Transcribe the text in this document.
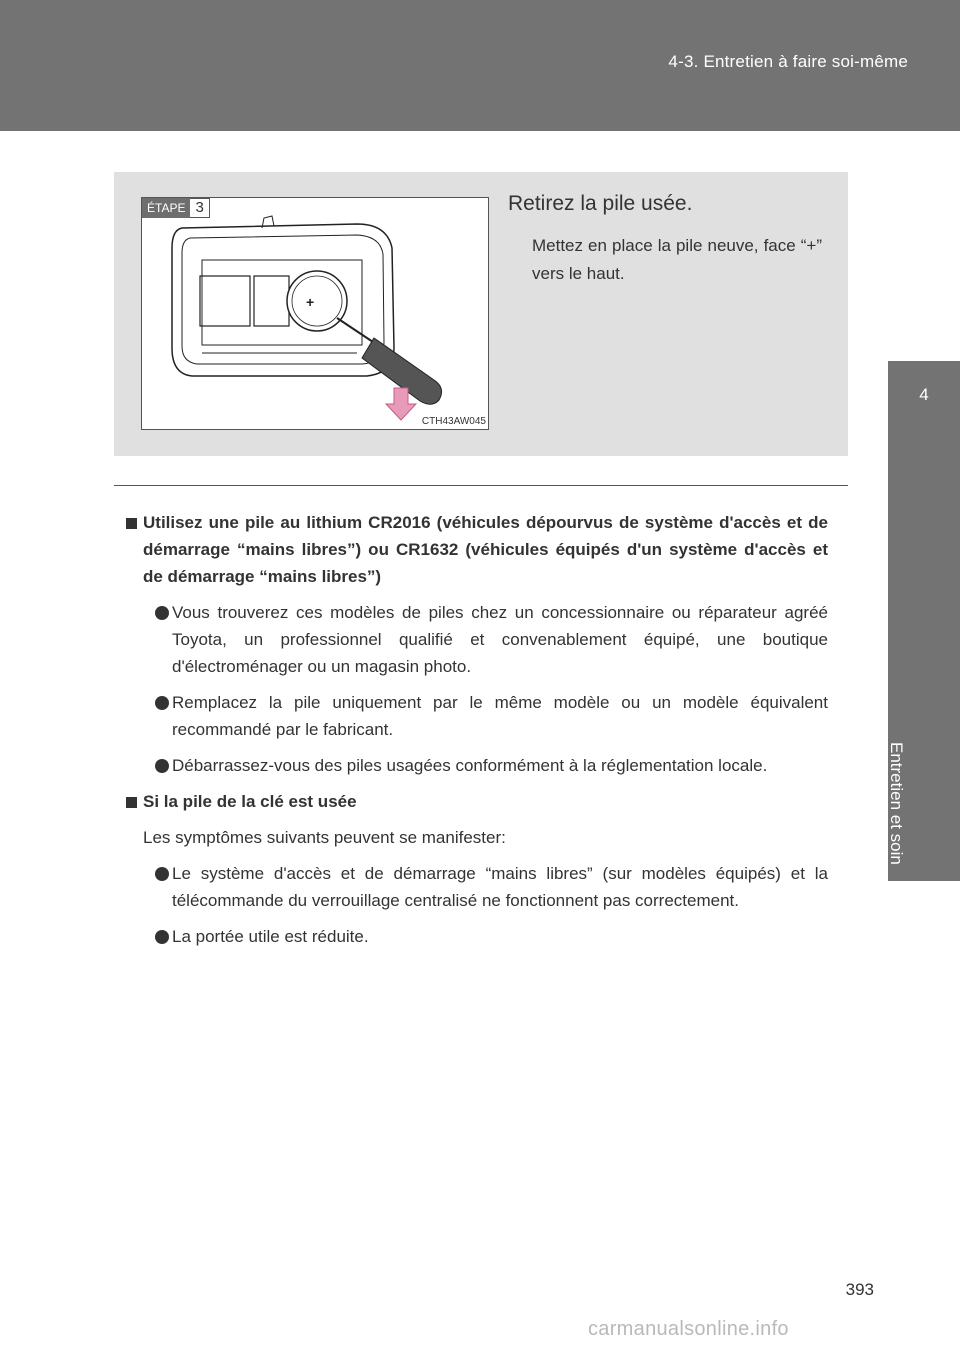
4-3. Entretien à faire soi-même
4
Entretien et soin
+
ÉTAPE 3
CTH43AW045
Retirez la pile usée.

Mettez en place la pile neuve, face “+” vers le haut.

Utilisez une pile au lithium CR2016 (véhicules dépourvus de système d'accès et de démarrage “mains libres”) ou CR1632 (véhicules équipés d'un système d'accès et de démarrage “mains libres”)

Vous trouverez ces modèles de piles chez un concessionnaire ou réparateur agréé Toyota, un professionnel qualifié et convenablement équipé, une boutique d'électroménager ou un magasin photo.

Remplacez la pile uniquement par le même modèle ou un modèle équivalent recommandé par le fabricant.

Débarrassez-vous des piles usagées conformément à la réglementation locale.

Si la pile de la clé est usée

Les symptômes suivants peuvent se manifester:

Le système d'accès et de démarrage “mains libres” (sur modèles équipés) et la télécommande du verrouillage centralisé ne fonctionnent pas correctement.

La portée utile est réduite.

393
carmanualsonline.info
